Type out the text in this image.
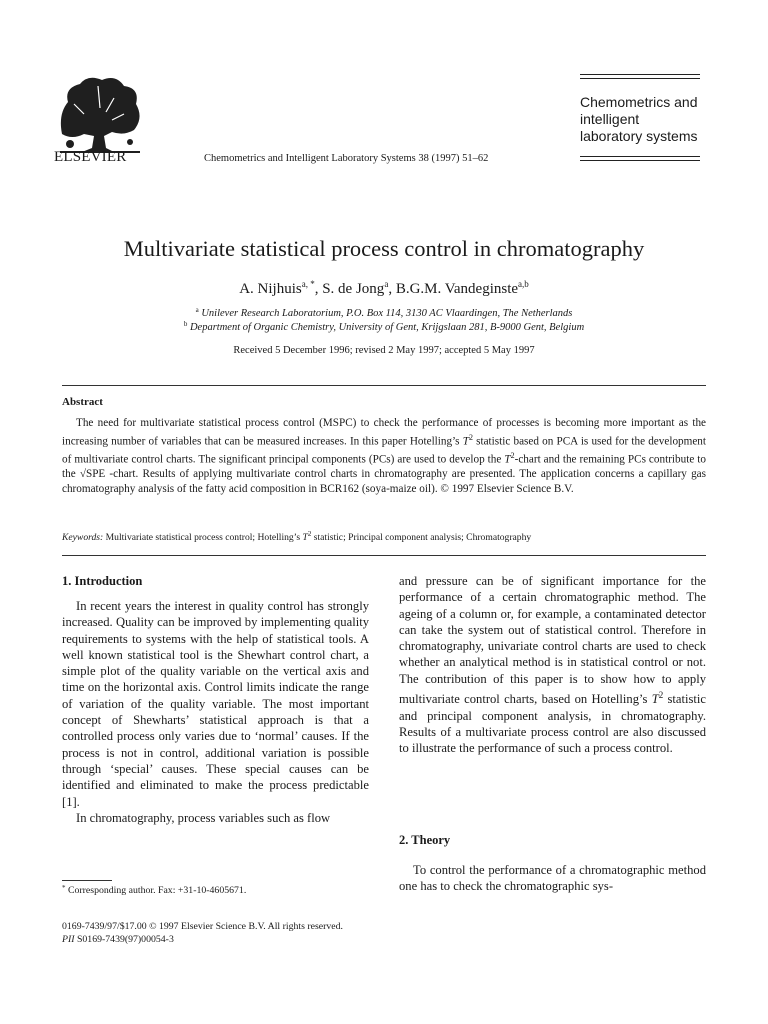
ELSEVIER	Chemometrics and Intelligent Laboratory Systems 38 (1997) 51–62
Chemometrics and
intelligent
laboratory systems
Multivariate statistical process control in chromatography
A. Nijhuis$^{a, *}$, S. de Jong$^a$, B.G.M. Vandeginste$^{a,b}$
$^a$ Unilever Research Laboratorium, P.O. Box 114, 3130 AC Vlaardingen, The Netherlands
$^b$ Department of Organic Chemistry, University of Gent, Krijgslaan 281, B-9000 Gent, Belgium
Received 5 December 1996; revised 2 May 1997; accepted 5 May 1997
Abstract
The need for multivariate statistical process control (MSPC) to check the performance of processes is becoming more important as the increasing number of variables that can be measured increases. In this paper Hotelling’s $T^2$ statistic based on PCA is used for the development of multivariate control charts. The significant principal components (PCs) are used to develop the $T^2$-chart and the remaining PCs contribute to the √SPE -chart. Results of applying multivariate control charts in chromatography are presented. The application concerns a capillary gas chromatography analysis of the fatty acid composition in BCR162 (soya-maize oil). © 1997 Elsevier Science B.V.
Keywords: Multivariate statistical process control; Hotelling’s $T^2$ statistic; Principal component analysis; Chromatography
1. Introduction

In recent years the interest in quality control has strongly increased. Quality can be improved by implementing quality requirements to systems with the help of statistical tools. A well known statistical tool is the Shewhart control chart, a simple plot of the quality variable on the vertical axis and time on the horizontal axis. Control limits indicate the range of variation of the quality variable. The most important concept of Shewharts’ statistical approach is that a controlled process only varies due to ‘normal’ causes. If the process is not in control, additional variation is possible through ‘special’ causes. These special causes can be identified and eliminated to make the process predictable [1].

In chromatography, process variables such as flow

and pressure can be of significant importance for the performance of a certain chromatographic method. The ageing of a column or, for example, a contaminated detector can take the system out of statistical control. Therefore in chromatography, univariate control charts are used to check whether an analytical method is in statistical control or not. The contribution of this paper is to show how to apply multivariate control charts, based on Hotelling’s $T^2$ statistic and principal component analysis, in chromatography. Results of a multivariate process control are also discussed to illustrate the performance of such a process control.

2. Theory

To control the performance of a chromatographic method one has to check the chromatographic sys-

* Corresponding author. Fax: +31-10-4605671.
0169-7439/97/$17.00 © 1997 Elsevier Science B.V. All rights reserved.
PII S0169-7439(97)00054-3
